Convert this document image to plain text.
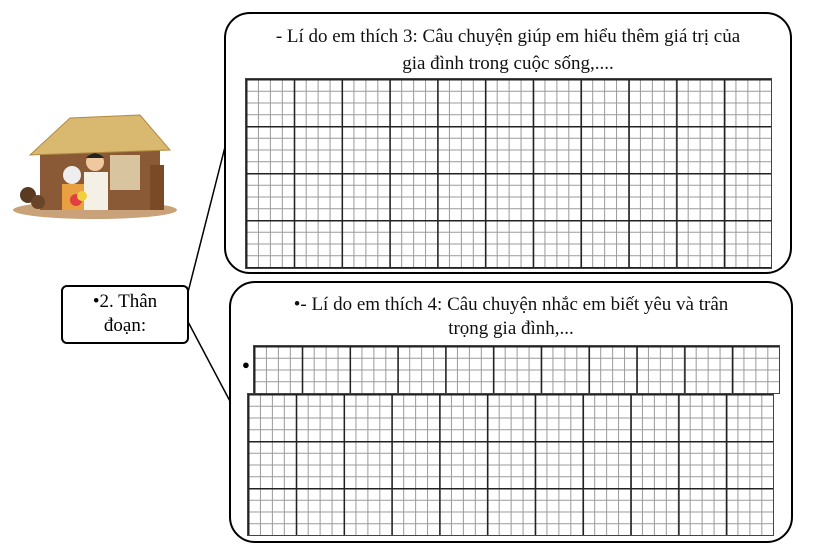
- Lí do em thích 3: Câu chuyện giúp em hiểu thêm giá trị của
gia đình trong cuộc sống,....
•- Lí do em thích 4: Câu chuyện nhắc em biết yêu và trân
trọng gia đình,...
●
•2. Thân
đoạn:
